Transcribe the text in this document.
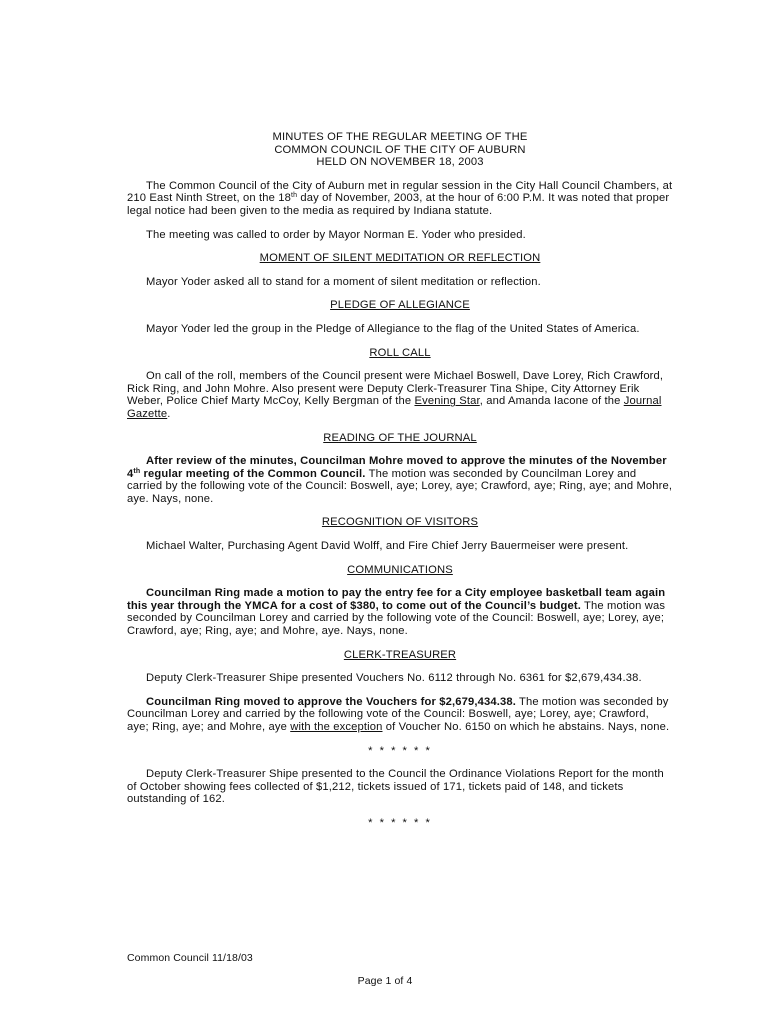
MINUTES OF THE REGULAR MEETING OF THE
COMMON COUNCIL OF THE CITY OF AUBURN
HELD ON NOVEMBER 18, 2003
The Common Council of the City of Auburn met in regular session in the City Hall Council Chambers, at 210 East Ninth Street, on the 18th day of November, 2003, at the hour of 6:00 P.M. It was noted that proper legal notice had been given to the media as required by Indiana statute.
The meeting was called to order by Mayor Norman E. Yoder who presided.
MOMENT OF SILENT MEDITATION OR REFLECTION
Mayor Yoder asked all to stand for a moment of silent meditation or reflection.
PLEDGE OF ALLEGIANCE
Mayor Yoder led the group in the Pledge of Allegiance to the flag of the United States of America.
ROLL CALL
On call of the roll, members of the Council present were Michael Boswell, Dave Lorey, Rich Crawford, Rick Ring, and John Mohre. Also present were Deputy Clerk-Treasurer Tina Shipe, City Attorney Erik Weber, Police Chief Marty McCoy, Kelly Bergman of the Evening Star, and Amanda Iacone of the Journal Gazette.
READING OF THE JOURNAL
After review of the minutes, Councilman Mohre moved to approve the minutes of the November 4th regular meeting of the Common Council. The motion was seconded by Councilman Lorey and carried by the following vote of the Council: Boswell, aye; Lorey, aye; Crawford, aye; Ring, aye; and Mohre, aye. Nays, none.
RECOGNITION OF VISITORS
Michael Walter, Purchasing Agent David Wolff, and Fire Chief Jerry Bauermeiser were present.
COMMUNICATIONS
Councilman Ring made a motion to pay the entry fee for a City employee basketball team again this year through the YMCA for a cost of $380, to come out of the Council’s budget. The motion was seconded by Councilman Lorey and carried by the following vote of the Council: Boswell, aye; Lorey, aye; Crawford, aye; Ring, aye; and Mohre, aye. Nays, none.
CLERK-TREASURER
Deputy Clerk-Treasurer Shipe presented Vouchers No. 6112 through No. 6361 for $2,679,434.38.
Councilman Ring moved to approve the Vouchers for $2,679,434.38. The motion was seconded by Councilman Lorey and carried by the following vote of the Council: Boswell, aye; Lorey, aye; Crawford, aye; Ring, aye; and Mohre, aye with the exception of Voucher No. 6150 on which he abstains. Nays, none.
* * * * * *
Deputy Clerk-Treasurer Shipe presented to the Council the Ordinance Violations Report for the month of October showing fees collected of $1,212, tickets issued of 171, tickets paid of 148, and tickets outstanding of 162.
* * * * * *
Common Council 11/18/03
Page 1 of 4
